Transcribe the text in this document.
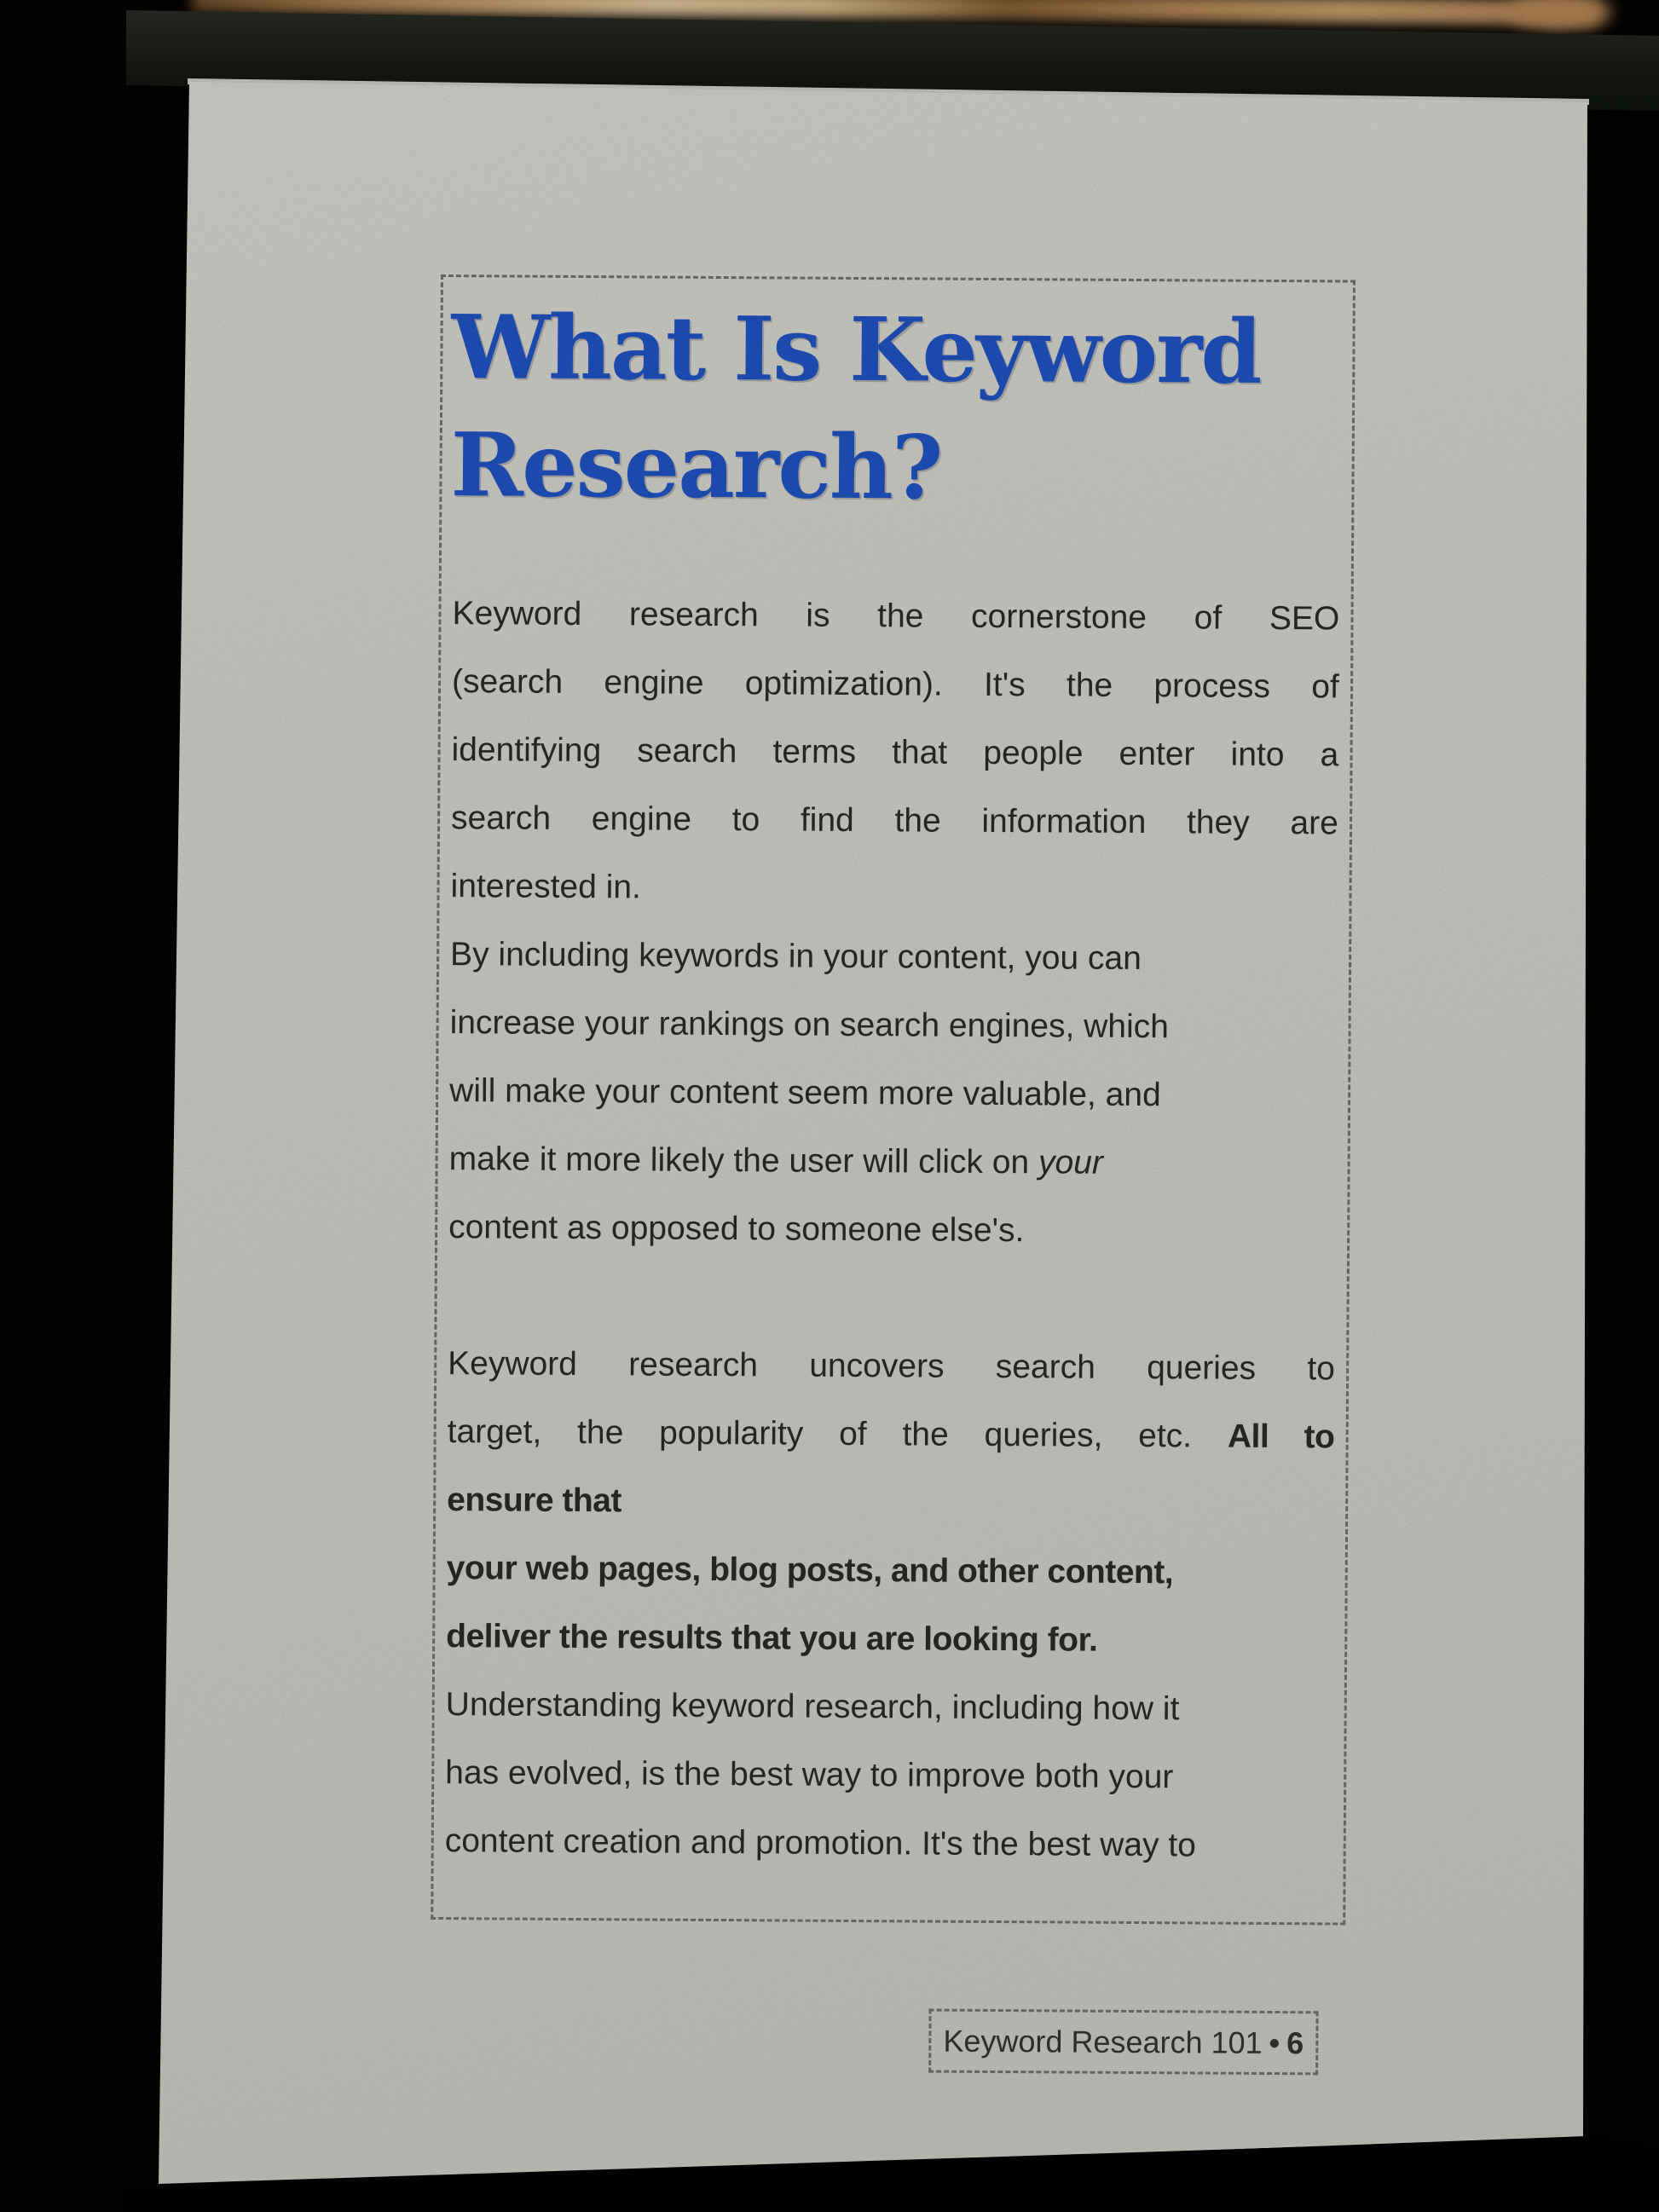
What Is Keyword
Research?
Keyword research is the cornerstone of SEO
(search engine optimization). It's the process of
identifying search terms that people enter into a
search engine to find the information they are
interested in.
By including keywords in your content, you can
increase your rankings on search engines, which
will make your content seem more valuable, and
make it more likely the user will click on your
content as opposed to someone else's.
Keyword research uncovers search queries to
target, the popularity of the queries, etc. All to
ensure that
your web pages, blog posts, and other content,
deliver the results that you are looking for.
Understanding keyword research, including how it
has evolved, is the best way to improve both your
content creation and promotion. It's the best way to
Keyword Research 101 • 6
